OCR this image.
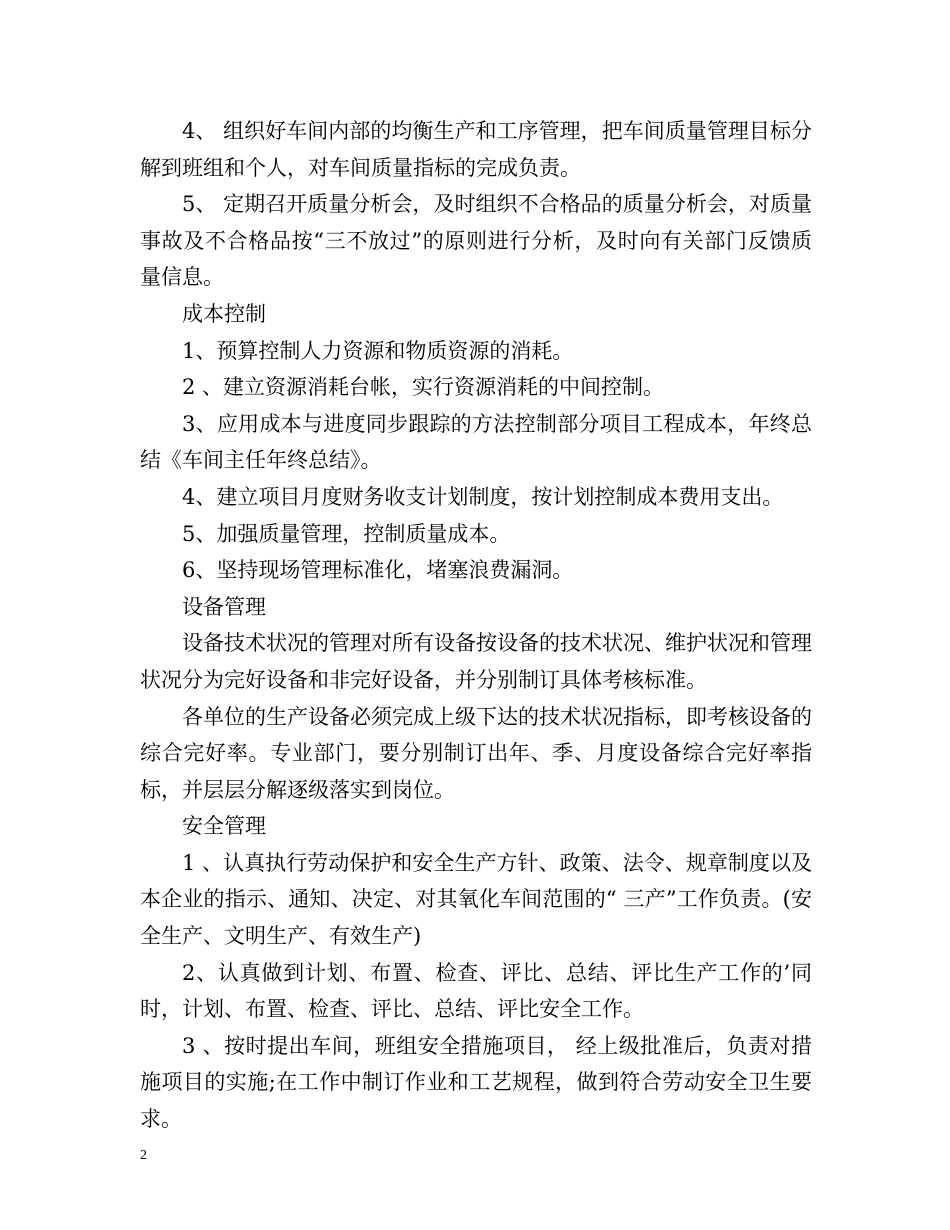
4、 组织好车间内部的均衡生产和工序管理，把车间质量管理目标分解到班组和个人，对车间质量指标的完成负责。

5、 定期召开质量分析会，及时组织不合格品的质量分析会，对质量事故及不合格品按“三不放过”的原则进行分析，及时向有关部门反馈质量信息。

成本控制

1、预算控制人力资源和物质资源的消耗。

2 、建立资源消耗台帐，实行资源消耗的中间控制。

3、应用成本与进度同步跟踪的方法控制部分项目工程成本，年终总结《车间主任年终总结》。

4、建立项目月度财务收支计划制度，按计划控制成本费用支出。

5、加强质量管理，控制质量成本。

6、坚持现场管理标准化，堵塞浪费漏洞。

设备管理

设备技术状况的管理对所有设备按设备的技术状况、维护状况和管理状况分为完好设备和非完好设备，并分别制订具体考核标准。

各单位的生产设备必须完成上级下达的技术状况指标，即考核设备的综合完好率。专业部门，要分别制订出年、季、月度设备综合完好率指标，并层层分解逐级落实到岗位。

安全管理

1 、认真执行劳动保护和安全生产方针、政策、法令、规章制度以及本企业的指示、通知、决定、对其氧化车间范围的“ 三产”工作负责。(安全生产、文明生产、有效生产)

2、认真做到计划、布置、检查、评比、总结、评比生产工作的’同时，计划、布置、检查、评比、总结、评比安全工作。

3 、按时提出车间，班组安全措施项目， 经上级批准后，负责对措施项目的实施;在工作中制订作业和工艺规程，做到符合劳动安全卫生要求。

2
